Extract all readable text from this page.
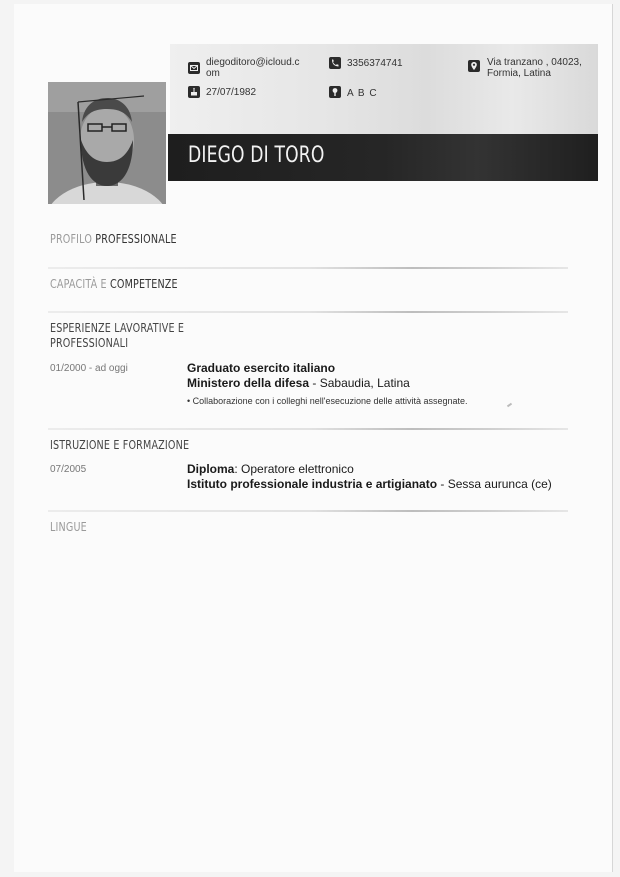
diegoditoro@icloud.c
om
3356374741	Via tranzano , 04023,
Formia, Latina
27/07/1982	A B C
DIEGO DI TORO
PROFILO PROFESSIONALE
CAPACITÀ E COMPETENZE
ESPERIENZE LAVORATIVE E
PROFESSIONALI
01/2000 - ad oggi	Graduato esercito italiano
Ministero della difesa - Sabaudia, Latina
• Collaborazione con i colleghi nell'esecuzione delle attività assegnate.
ISTRUZIONE E FORMAZIONE
07/2005	Diploma: Operatore elettronico
Istituto professionale industria e artigianato - Sessa aurunca (ce)
LINGUE
